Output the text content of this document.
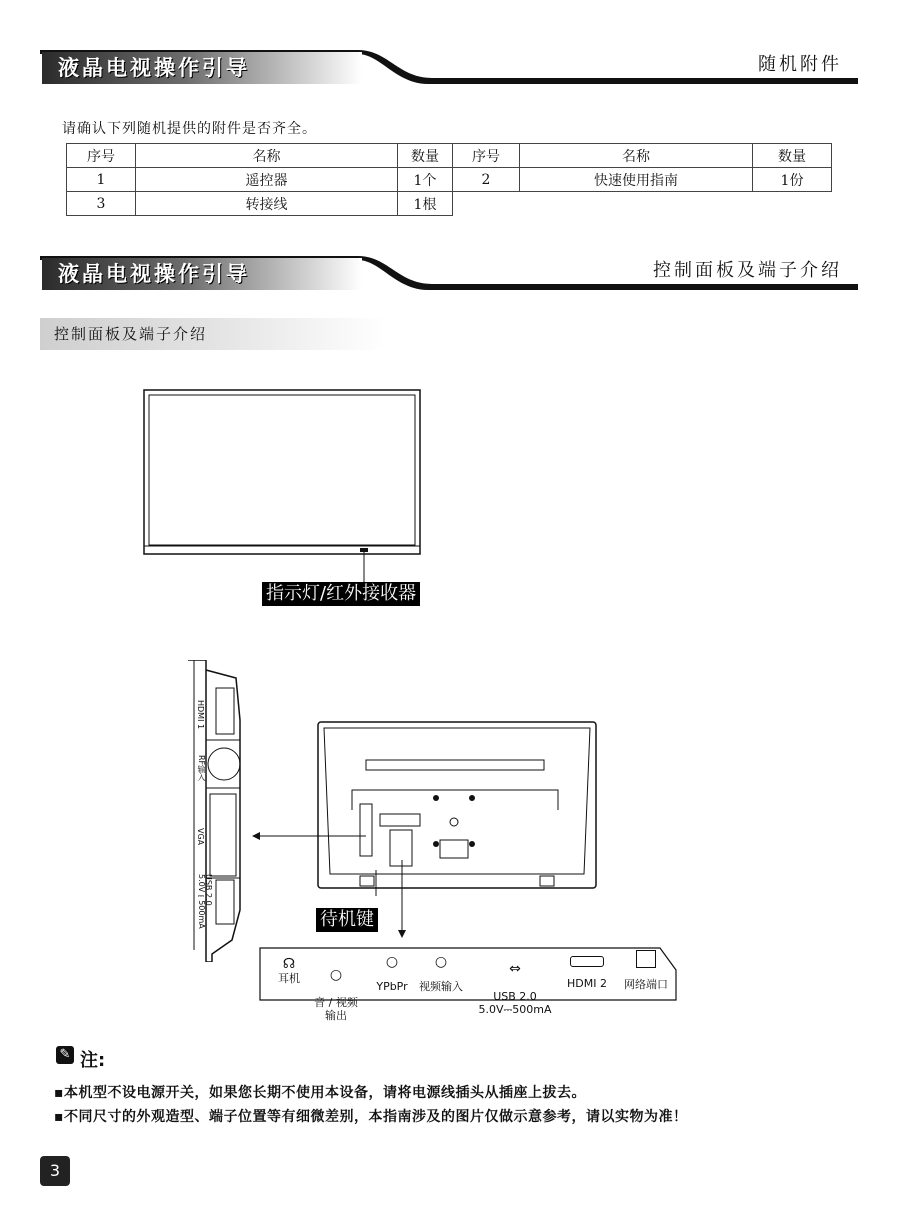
液晶电视操作引导	随机附件
请确认下列随机提供的附件是否齐全。
序号	名称	数量	序号	名称	数量
1	遥控器	1个	2	快速使用指南	1份
3	转接线	1根			
液晶电视操作引导	控制面板及端子介绍
控制面板及端子介绍
指示灯/红外接收器
HDMI 1
RF输入
VGA
USB 2.0
5.0V⎓500mA	待机键
☊
耳机	○

音 / 视频
输出

○
YPbPr
○
视频输入

⇔

USB 2.0
5.0V⎓500mA

HDMI 2	网络端口
✎ 注:
▪本机型不设电源开关，如果您长期不使用本设备，请将电源线插头从插座上拔去。
▪不同尺寸的外观造型、端子位置等有细微差别，本指南涉及的图片仅做示意参考，请以实物为准！
3
